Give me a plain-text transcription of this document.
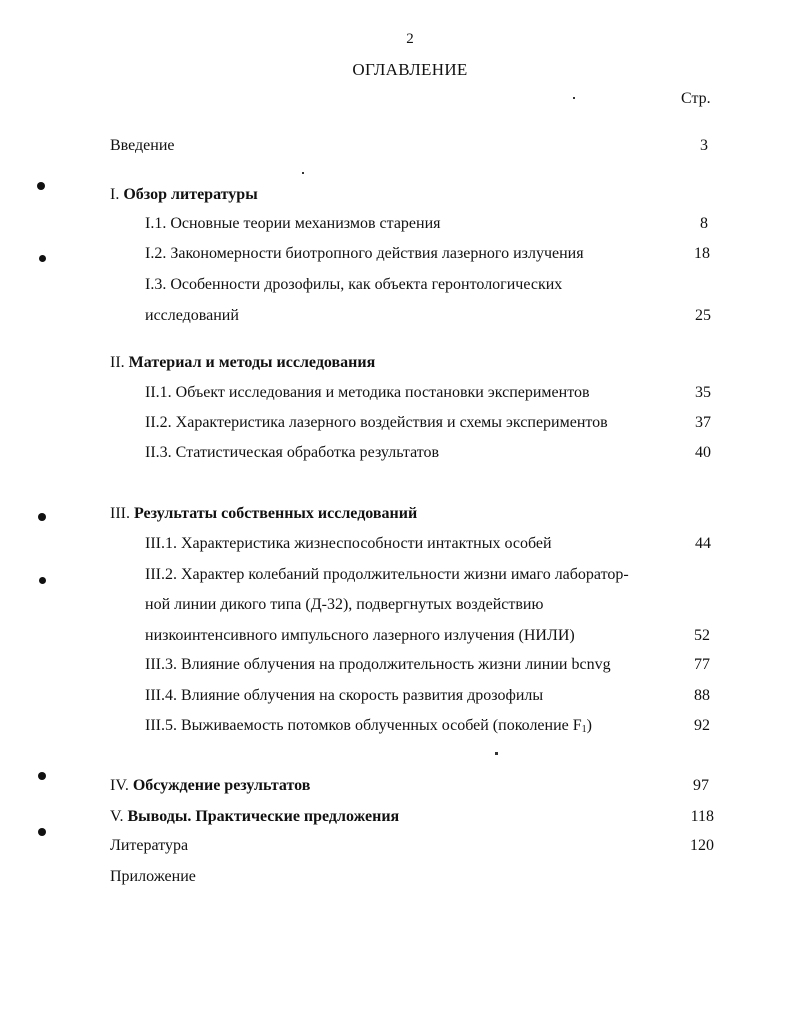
2
ОГЛАВЛЕНИЕ
Стр.
Введение	3
I. Обзор литературы
I.1. Основные теории механизмов старения	8
I.2. Закономерности биотропного действия лазерного излучения	18
I.3. Особенности дрозофилы, как объекта геронтологических
исследований	25
II. Материал и методы исследования
II.1. Объект исследования и методика постановки экспериментов	35
II.2. Характеристика лазерного воздействия и схемы экспериментов	37
II.3. Статистическая обработка результатов	40
III. Результаты собственных исследований
III.1. Характеристика жизнеспособности интактных особей	44
III.2. Характер колебаний продолжительности жизни имаго лаборатор-
ной линии дикого типа (Д-32), подвергнутых воздействию
низкоинтенсивного импульсного лазерного излучения (НИЛИ)	52
III.3. Влияние облучения на продолжительность жизни линии bcnvg	77
III.4. Влияние облучения на скорость развития дрозофилы	88
III.5. Выживаемость потомков облученных особей (поколение $F_1$)	92
IV. Обсуждение результатов	97
V. Выводы. Практические предложения	118
Литература	120
Приложение
